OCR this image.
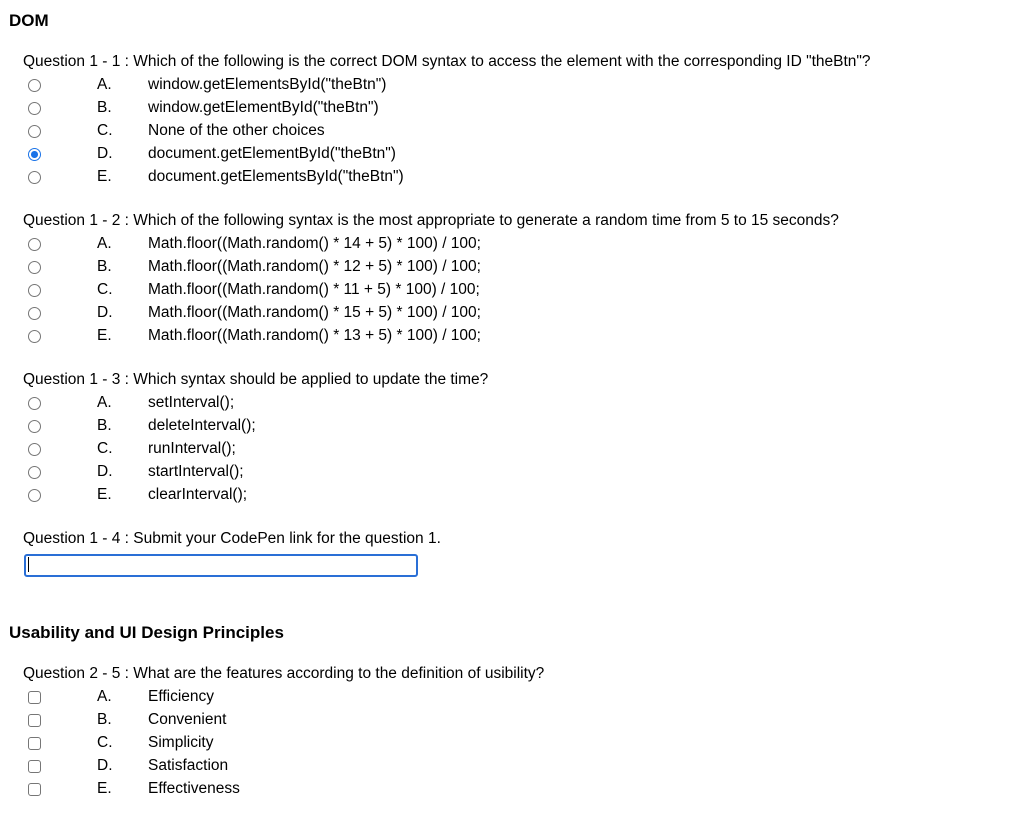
DOM
Question 1 - 1 : Which of the following is the correct DOM syntax to access the element with the corresponding ID "theBtn"?
A. window.getElementsById("theBtn")
B. window.getElementById("theBtn")
C. None of the other choices
D. document.getElementById("theBtn")
E. document.getElementsById("theBtn")
Question 1 - 2 : Which of the following syntax is the most appropriate to generate a random time from 5 to 15 seconds?
A. Math.floor((Math.random() * 14 + 5) * 100) / 100;
B. Math.floor((Math.random() * 12 + 5) * 100) / 100;
C. Math.floor((Math.random() * 11 + 5) * 100) / 100;
D. Math.floor((Math.random() * 15 + 5) * 100) / 100;
E. Math.floor((Math.random() * 13 + 5) * 100) / 100;
Question 1 - 3 : Which syntax should be applied to update the time?
A. setInterval();
B. deleteInterval();
C. runInterval();
D. startInterval();
E. clearInterval();
Question 1 - 4 : Submit your CodePen link for the question 1.
Usability and UI Design Principles
Question 2 - 5 : What are the features according to the definition of usibility?
A. Efficiency
B. Convenient
C. Simplicity
D. Satisfaction
E. Effectiveness
